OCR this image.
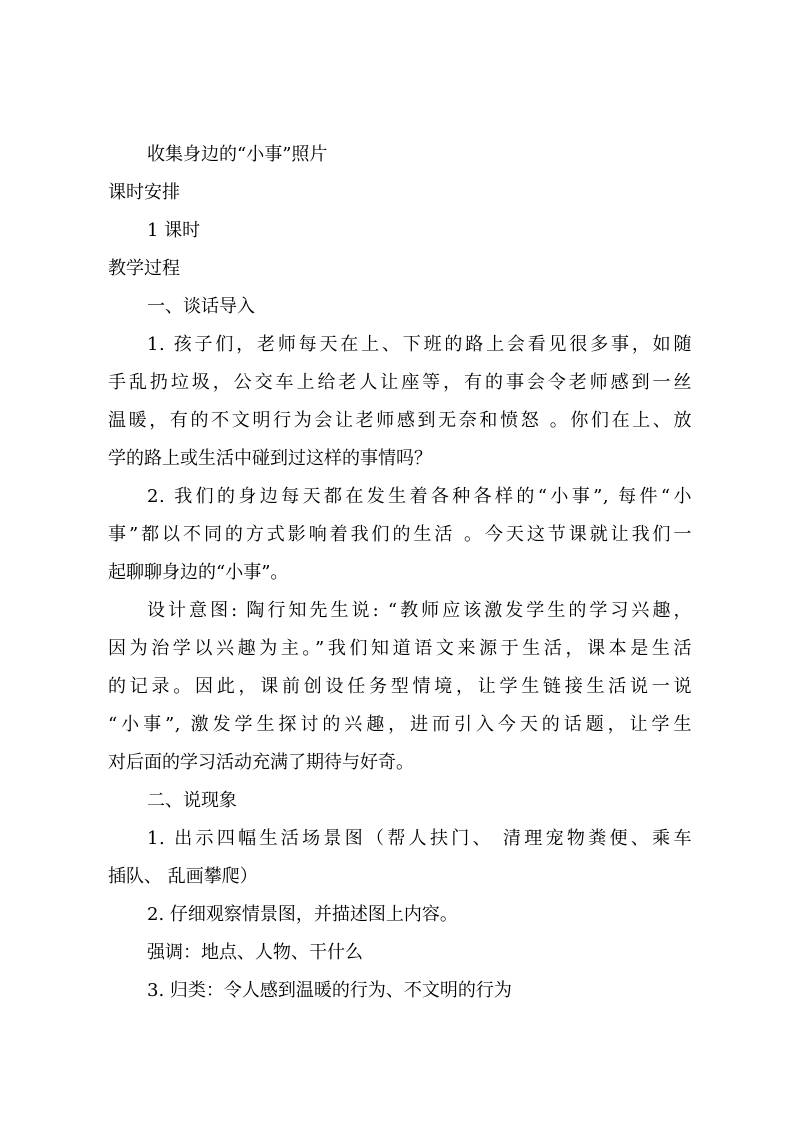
收集身边的“小事”照片
课时安排
1 课时
教学过程
一、谈话导入
1. 孩子们，老师每天在上、下班的路上会看见很多事，如随
手乱扔垃圾，公交车上给老人让座等，有的事会令老师感到一丝
温暖，有的不文明行为会让老师感到无奈和愤怒 。你们在上、放
学的路上或生活中碰到过这样的事情吗？
2. 我们的身边每天都在发生着各种各样的“小事”, 每件“小
事”都以不同的方式影响着我们的生活 。今天这节课就让我们一
起聊聊身边的“小事”。
设计意图: 陶行知先生说: “教师应该激发学生的学习兴趣，
因为治学以兴趣为主。”我们知道语文来源于生活，课本是生活
的记录。因此，课前创设任务型情境，让学生链接生活说一说
“小事”, 激发学生探讨的兴趣，进而引入今天的话题，让学生
对后面的学习活动充满了期待与好奇。
二、说现象
1. 出示四幅生活场景图（帮人扶门、 清理宠物粪便、乘车
插队、 乱画攀爬）
2. 仔细观察情景图，并描述图上内容。
强调：地点、人物、干什么
3. 归类：令人感到温暖的行为、不文明的行为
